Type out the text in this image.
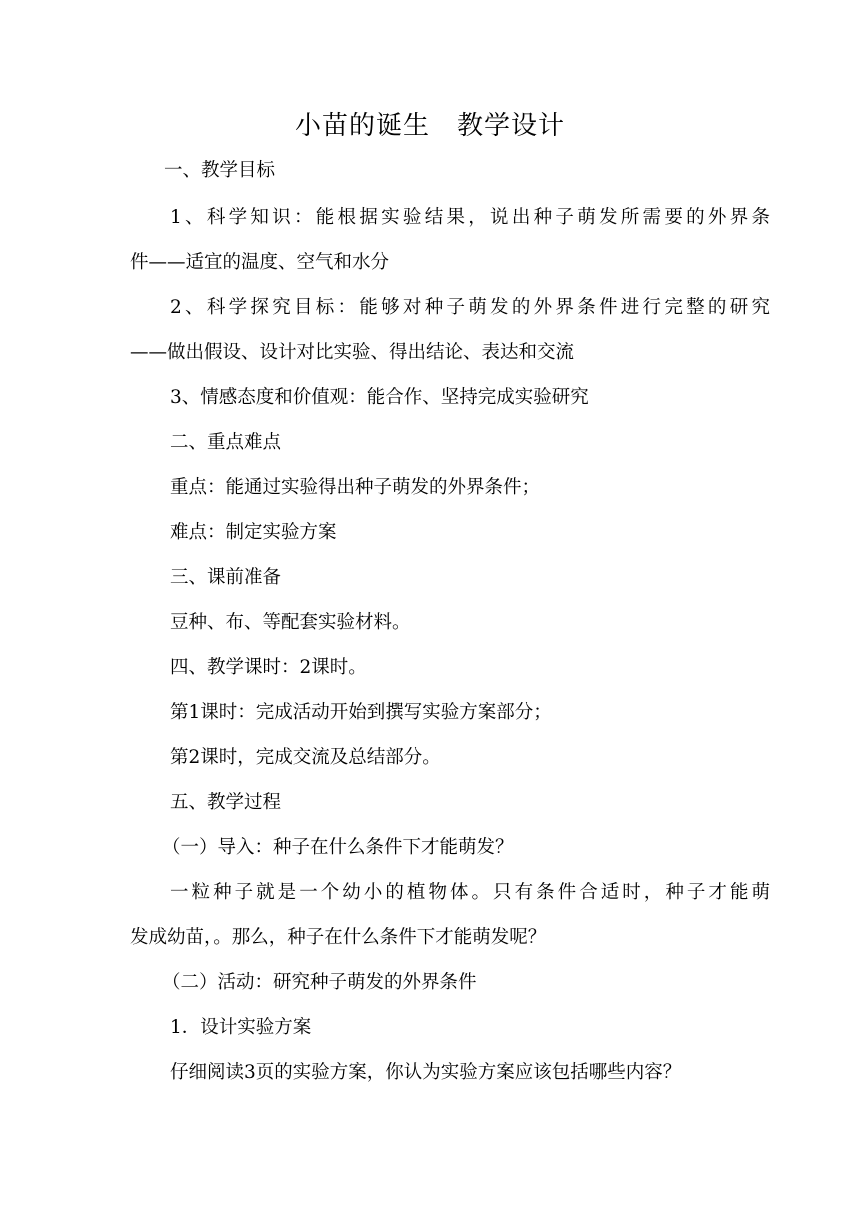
小苗的诞生　教学设计
一、教学目标
1、科学知识：能根据实验结果，说出种子萌发所需要的外界条
件——适宜的温度、空气和水分
2、科学探究目标：能够对种子萌发的外界条件进行完整的研究
——做出假设、设计对比实验、得出结论、表达和交流
3、情感态度和价值观：能合作、坚持完成实验研究
二、重点难点
重点：能通过实验得出种子萌发的外界条件；
难点：制定实验方案
三、课前准备
豆种、布、等配套实验材料。
四、教学课时：2课时。
第1课时：完成活动开始到撰写实验方案部分；
第2课时，完成交流及总结部分。
五、教学过程
（一）导入：种子在什么条件下才能萌发？
一粒种子就是一个幼小的植物体。只有条件合适时，种子才能萌
发成幼苗，。那么，种子在什么条件下才能萌发呢？
（二）活动：研究种子萌发的外界条件
1．设计实验方案
仔细阅读3页的实验方案，你认为实验方案应该包括哪些内容？
